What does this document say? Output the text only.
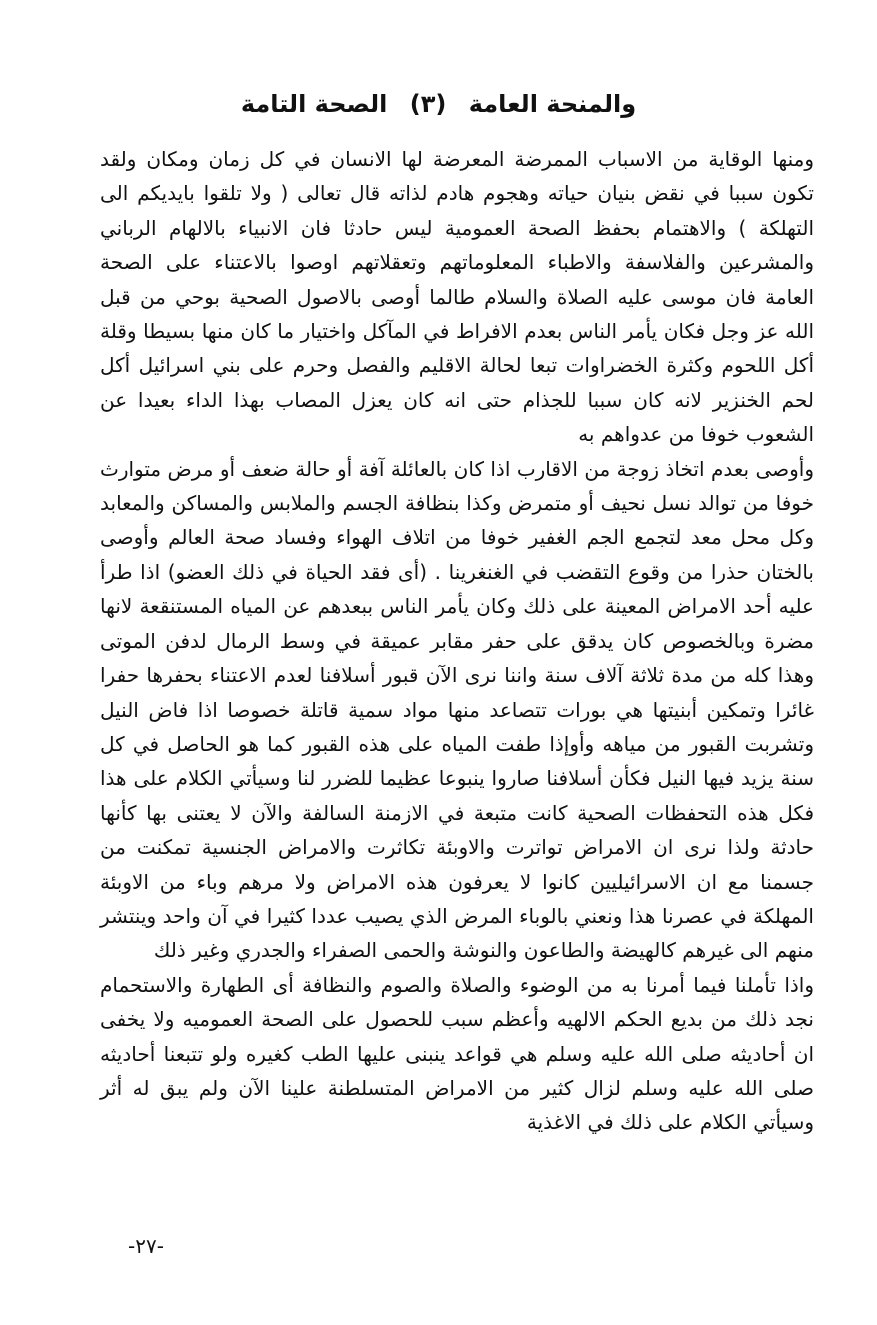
والمنحة العامة (٣) الصحة التامة

ومنها الوقاية من الاسباب الممرضة المعرضة لها الانسان في كل زمان ومكان ولقد تكون سببا في نقض بنيان حياته وهجوم هادم لذاته قال تعالى ( ولا تلقوا بايديكم الى التهلكة ) والاهتمام بحفظ الصحة العمومية ليس حادثا فان الانبياء بالالهام الرباني والمشرعين والفلاسفة والاطباء المعلوماتهم وتعقلاتهم اوصوا بالاعتناء على الصحة العامة فان موسى عليه الصلاة والسلام طالما أوصى بالاصول الصحية بوحي من قبل الله عز وجل فكان يأمر الناس بعدم الافراط في المآكل واختيار ما كان منها بسيطا وقلة أكل اللحوم وكثرة الخضراوات تبعا لحالة الاقليم والفصل وحرم على بني اسرائيل أكل لحم الخنزير لانه كان سببا للجذام حتى انه كان يعزل المصاب بهذا الداء بعيدا عن الشعوب خوفا من عدواهم به

وأوصى بعدم اتخاذ زوجة من الاقارب اذا كان بالعائلة آفة أو حالة ضعف أو مرض متوارث خوفا من توالد نسل نحيف أو متمرض وكذا بنظافة الجسم والملابس والمساكن والمعابد وكل محل معد لتجمع الجم الغفير خوفا من اتلاف الهواء وفساد صحة العالم وأوصى بالختان حذرا من وقوع التقضب في الغنغرينا . (أى فقد الحياة في ذلك العضو) اذا طرأ عليه أحد الامراض المعينة على ذلك وكان يأمر الناس ببعدهم عن المياه المستنقعة لانها مضرة وبالخصوص كان يدقق على حفر مقابر عميقة في وسط الرمال لدفن الموتى وهذا كله من مدة ثلاثة آلاف سنة واننا نرى الآن قبور أسلافنا لعدم الاعتناء بحفرها حفرا غائرا وتمكين أبنيتها هي بورات تتصاعد منها مواد سمية قاتلة خصوصا اذا فاض النيل وتشربت القبور من مياهه وأوإذا طفت المياه على هذه القبور كما هو الحاصل في كل سنة يزيد فيها النيل فكأن أسلافنا صاروا ينبوعا عظيما للضرر لنا وسيأتي الكلام على هذا فكل هذه التحفظات الصحية كانت متبعة في الازمنة السالفة والآن لا يعتنى بها كأنها حادثة ولذا نرى ان الامراض تواترت والاوبئة تكاثرت والامراض الجنسية تمكنت من جسمنا مع ان الاسرائيليين كانوا لا يعرفون هذه الامراض ولا مرهم وباء من الاوبئة المهلكة في عصرنا هذا ونعني بالوباء المرض الذي يصيب عددا كثيرا في آن واحد وينتشر منهم الى غيرهم كالهيضة والطاعون والنوشة والحمى الصفراء والجدري وغير ذلك

واذا تأملنا فيما أمرنا به من الوضوء والصلاة والصوم والنظافة أى الطهارة والاستحمام نجد ذلك من بديع الحكم الالهيه وأعظم سبب للحصول على الصحة العموميه ولا يخفى ان أحاديثه صلى الله عليه وسلم هي قواعد ينبنى عليها الطب كغيره ولو تتبعنا أحاديثه صلى الله عليه وسلم لزال كثير من الامراض المتسلطنة علينا الآن ولم يبق له أثر وسيأتي الكلام على ذلك في الاغذية

-٢٧-
